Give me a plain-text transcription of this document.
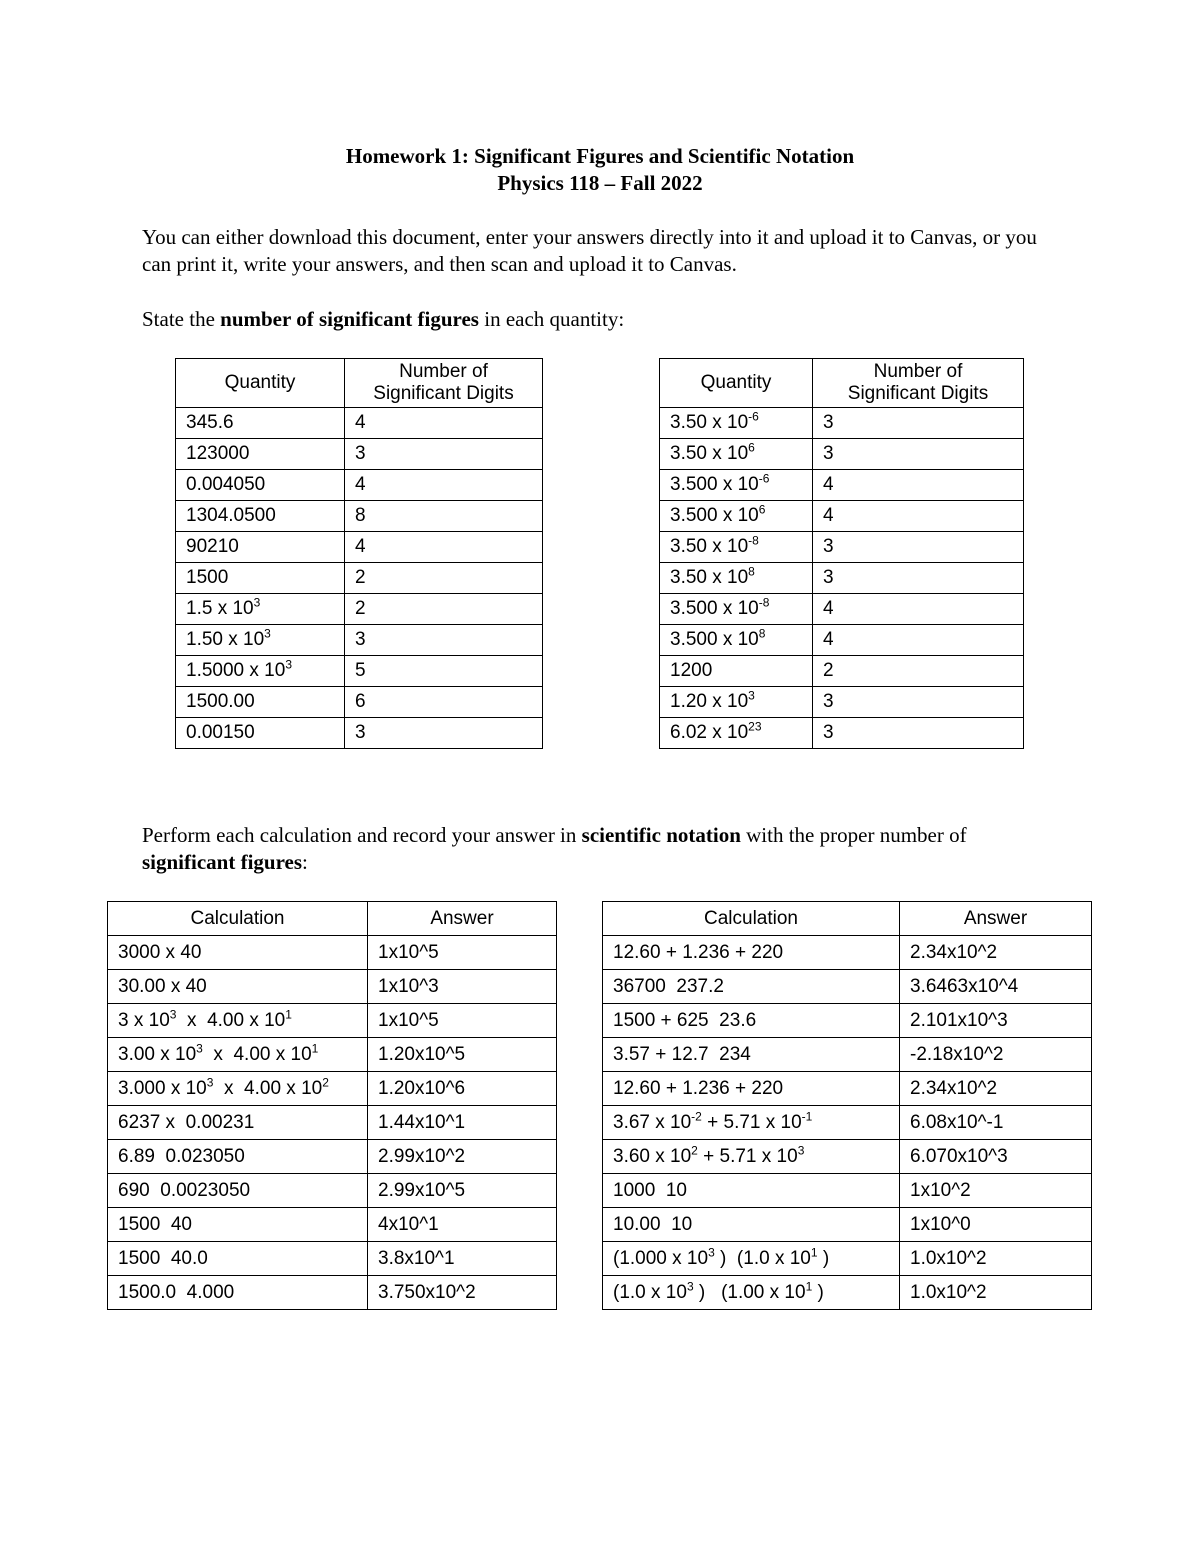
Homework 1: Significant Figures and Scientific Notation
Physics 118 – Fall 2022
You can either download this document, enter your answers directly into it and upload it to Canvas, or you can print it, write your answers, and then scan and upload it to Canvas.
State the number of significant figures in each quantity:
Quantity	Number of
Significant Digits
345.6	4
123000	3
0.004050	4
1304.0500	8
90210	4
1500	2
1.5 x $10^3$	2
1.50 x $10^3$	3
1.5000 x $10^3$	5
1500.00	6
0.00150	3
Quantity	Number of
Significant Digits
3.50 x $10^{-6}$	3
3.50 x $10^6$	3
3.500 x $10^{-6}$	4
3.500 x $10^6$	4
3.50 x $10^{-8}$	3
3.50 x $10^8$	3
3.500 x $10^{-8}$	4
3.500 x $10^8$	4
1200	2
1.20 x $10^3$	3
6.02 x $10^{23}$	3
Perform each calculation and record your answer in scientific notation with the proper number of significant figures:
Calculation	Answer
3000 x 40	1x10^5
30.00 x 40	1x10^3
3 x $10^3$  x  4.00 x $10^1$	1x10^5
3.00 x $10^3$  x  4.00 x $10^1$	1.20x10^5
3.000 x $10^3$  x  4.00 x $10^2$	1.20x10^6
6237 x  0.00231	1.44x10^1
6.89  0.023050	2.99x10^2
690  0.0023050	2.99x10^5
1500  40	4x10^1
1500  40.0	3.8x10^1
1500.0  4.000	3.750x10^2
Calculation	Answer
12.60 + 1.236 + 220	2.34x10^2
36700  237.2	3.6463x10^4
1500 + 625  23.6	2.101x10^3
3.57 + 12.7  234	-2.18x10^2
12.60 + 1.236 + 220	2.34x10^2
3.67 x $10^{-2} + 5.71$ x $10^{-1}$	6.08x10^-1
3.60 x $10^2 + 5.71$ x $10^3$	6.070x10^3
1000  10	1x10^2
10.00  10	1x10^0
(1.000 x $10^3$ )  (1.0 x $10^1$ )	1.0x10^2
(1.0 x $10^3$ )   (1.00 x $10^1$ )	1.0x10^2
